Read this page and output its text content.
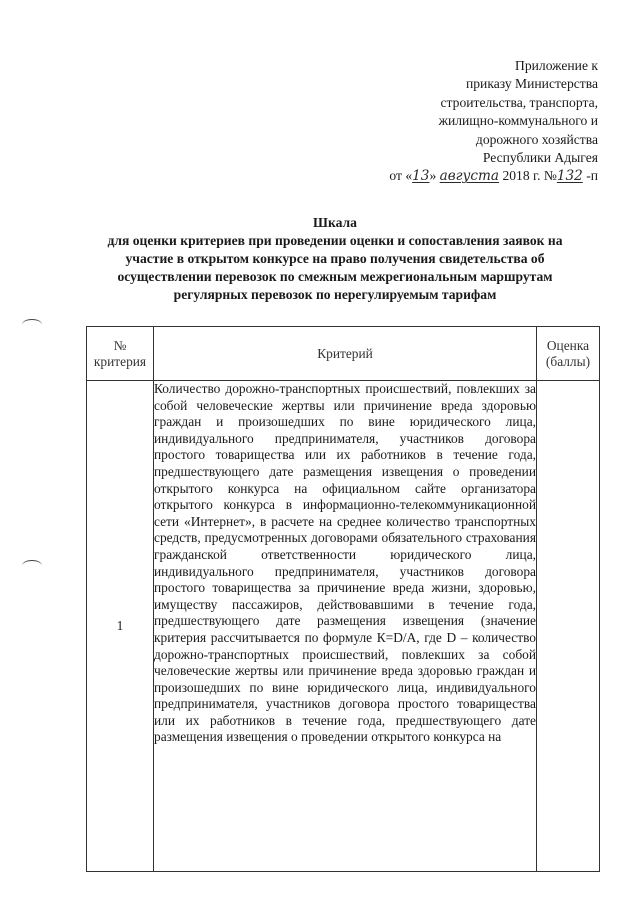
Приложение к
приказу Министерства
строительства, транспорта,
жилищно-коммунального и
дорожного хозяйства
Республики Адыгея
от «13» августа 2018 г. №132 -п
Шкала
для оценки критериев при проведении оценки и сопоставления заявок на
участие в открытом конкурсе на право получения свидетельства об
осуществлении перевозок по смежным межрегиональным маршрутам
регулярных перевозок по нерегулируемым тарифам
№ критерия	Критерий	Оценка (баллы)
1	Количество дорожно-транспортных происшествий, повлекших за собой человеческие жертвы или причинение вреда здоровью граждан и произошедших по вине юридического лица, индивидуального предпринимателя, участников договора простого товарищества или их работников в течение года, предшествующего дате размещения извещения о проведении открытого конкурса на официальном сайте организатора открытого конкурса в информационно-телекоммуникационной сети «Интернет», в расчете на среднее количество транспортных средств, предусмотренных договорами обязательного страхования гражданской ответственности юридического лица, индивидуального предпринимателя, участников договора простого товарищества за причинение вреда жизни, здоровью, имуществу пассажиров, действовавшими в течение года, предшествующего дате размещения извещения (значение критерия рассчитывается по формуле К=D/A, где D – количество дорожно-транспортных происшествий, повлекших за собой человеческие жертвы или причинение вреда здоровью граждан и произошедших по вине юридического лица, индивидуального предпринимателя, участников договора простого товарищества или их работников в течение года, предшествующего дате размещения извещения о проведении открытого конкурса на	
